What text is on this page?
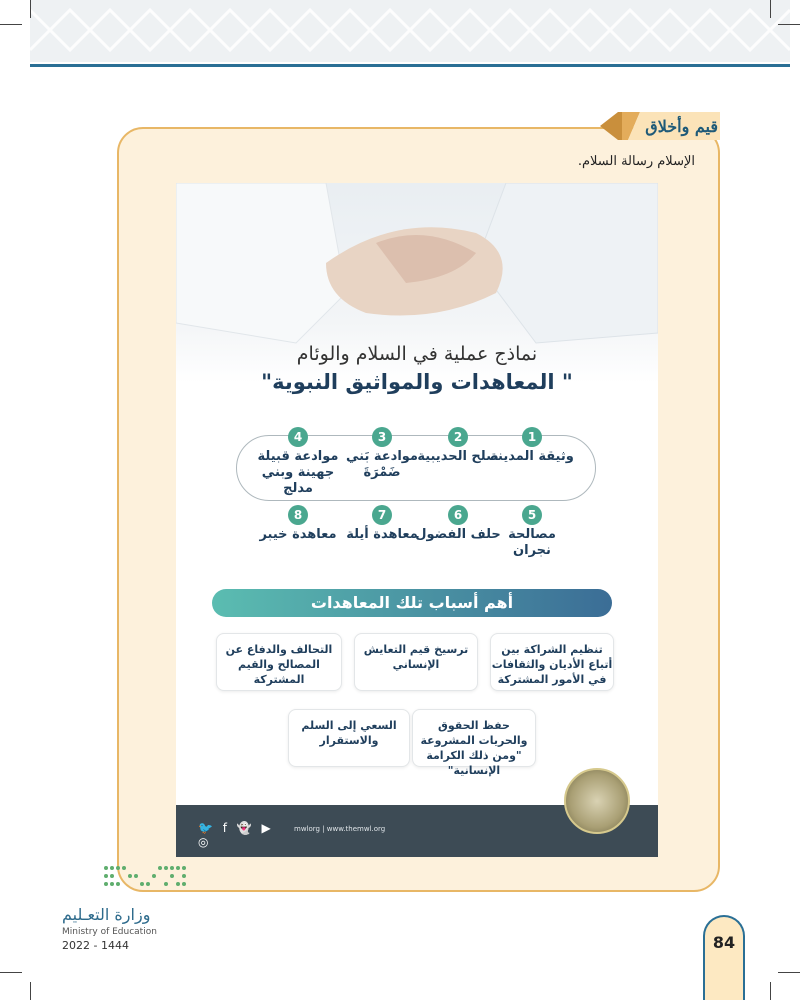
قيم وأخلاق
الإسلام رسالة السلام.
نماذج عملية في السلام والوئام
" المعاهدات والمواثيق النبوية"
1
وثيقة المدينة
2
صلح الحديبية
3
موادعة بَني ضَمْرَةَ
4
موادعة قبيلة جهينة وبني مدلج
5
مصالحة نجران
6
حلف الفضول
7
معاهدة أيلة
8
معاهدة خيبر
أهم أسباب تلك المعاهدات
تنظيم الشراكة بين أتباع الأديان والثقافات في الأمور المشتركة
ترسيخ قيم التعايش الإنساني
التحالف والدفاع عن المصالح والقيم المشتركة
حفظ الحقوق والحريات المشروعة "ومن ذلك الكرامة الإنسانية"
السعي إلى السلم والاستقرار
🐦 f 👻 ▶ ◎
mwlorg | www.themwl.org
وزارة التعـليم
Ministry of Education
2022 - 1444	84
